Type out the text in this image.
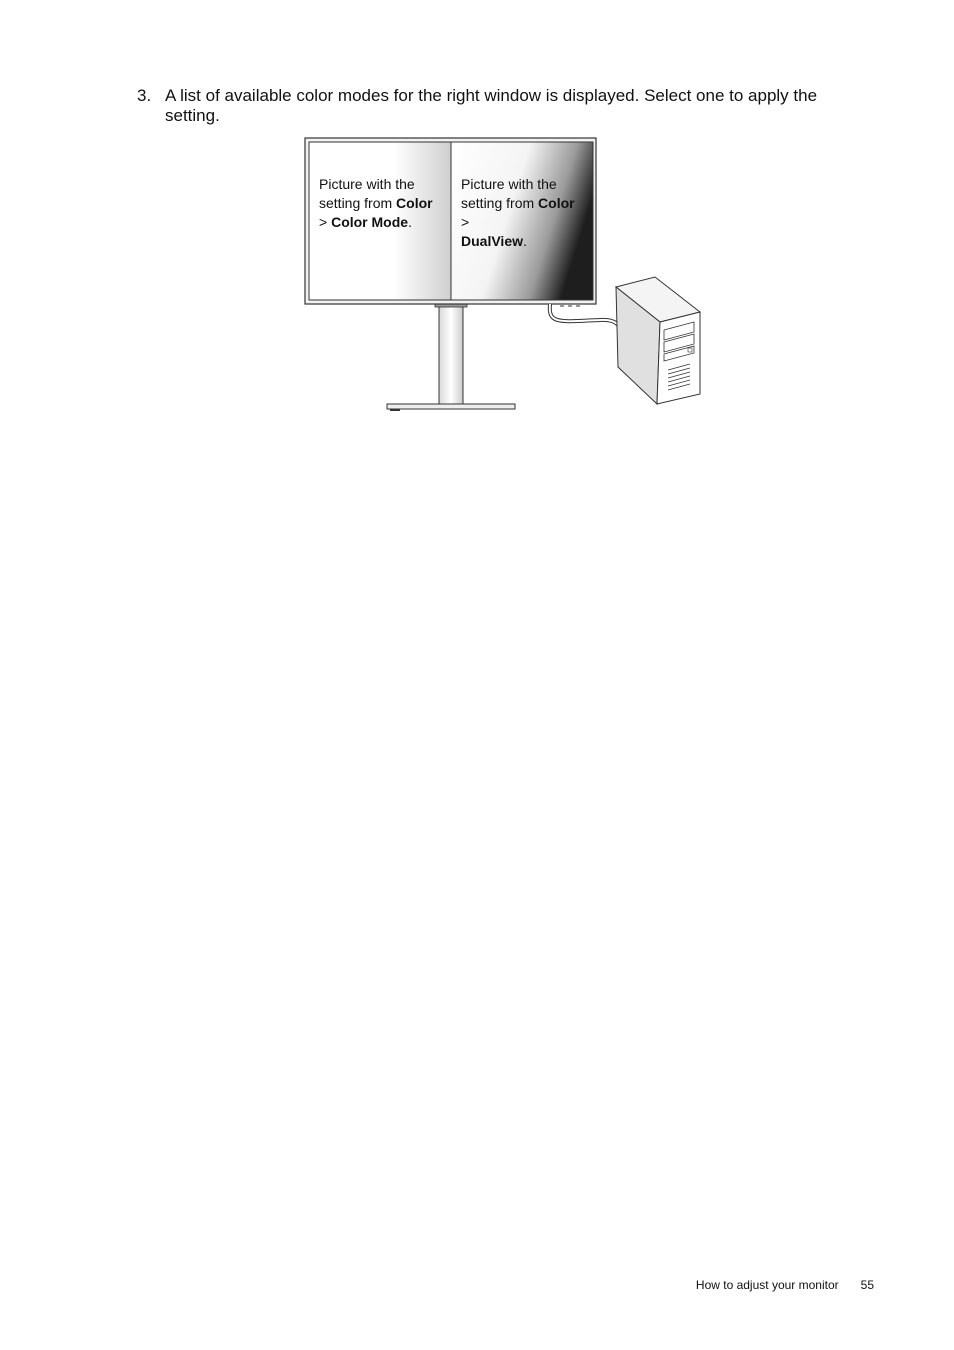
3. A list of available color modes for the right window is displayed. Select one to apply the setting.
Picture with the setting from Color > Color Mode.
Picture with the setting from Color >
DualView.
How to adjust your monitor 55
